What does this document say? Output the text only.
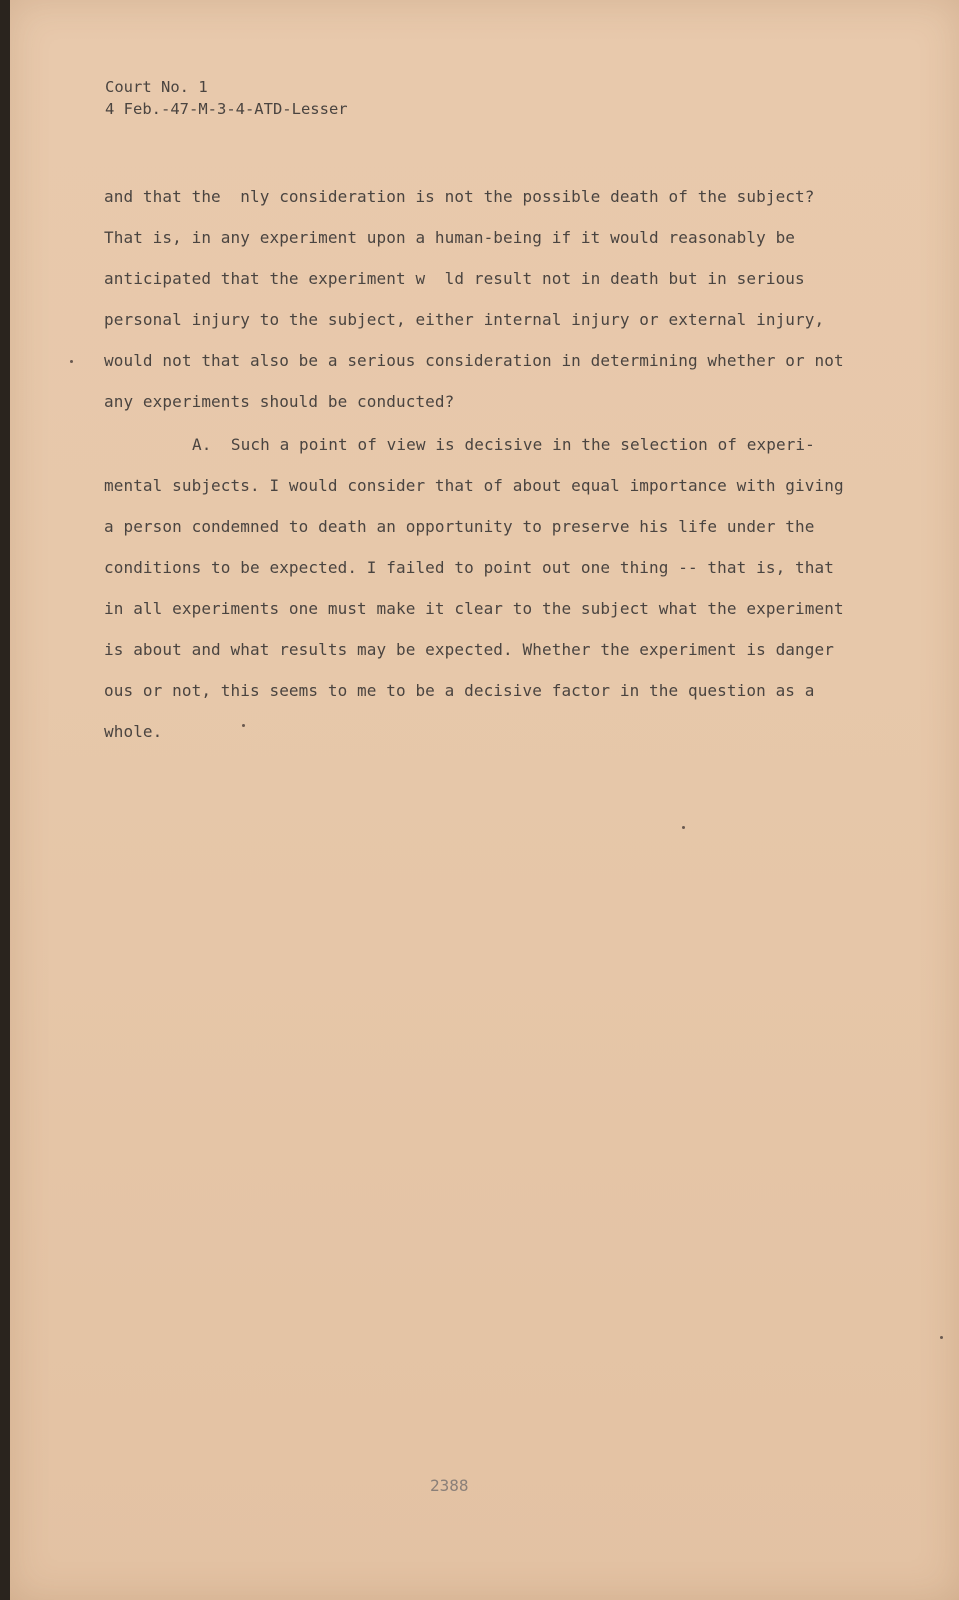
Court No. 1
4 Feb.-47-M-3-4-ATD-Lesser
and that the  nly consideration is not the possible death of the subject?
That is, in any experiment upon a human-being if it would reasonably be
anticipated that the experiment w  ld result not in death but in serious
personal injury to the subject, either internal injury or external injury,
would not that also be a serious consideration in determining whether or not
any experiments should be conducted?
A.  Such a point of view is decisive in the selection of experi-
mental subjects. I would consider that of about equal importance with giving
a person condemned to death an opportunity to preserve his life under the
conditions to be expected. I failed to point out one thing -- that is, that
in all experiments one must make it clear to the subject what the experiment
is about and what results may be expected. Whether the experiment is danger
ous or not, this seems to me to be a decisive factor in the question as a
whole.
2388
